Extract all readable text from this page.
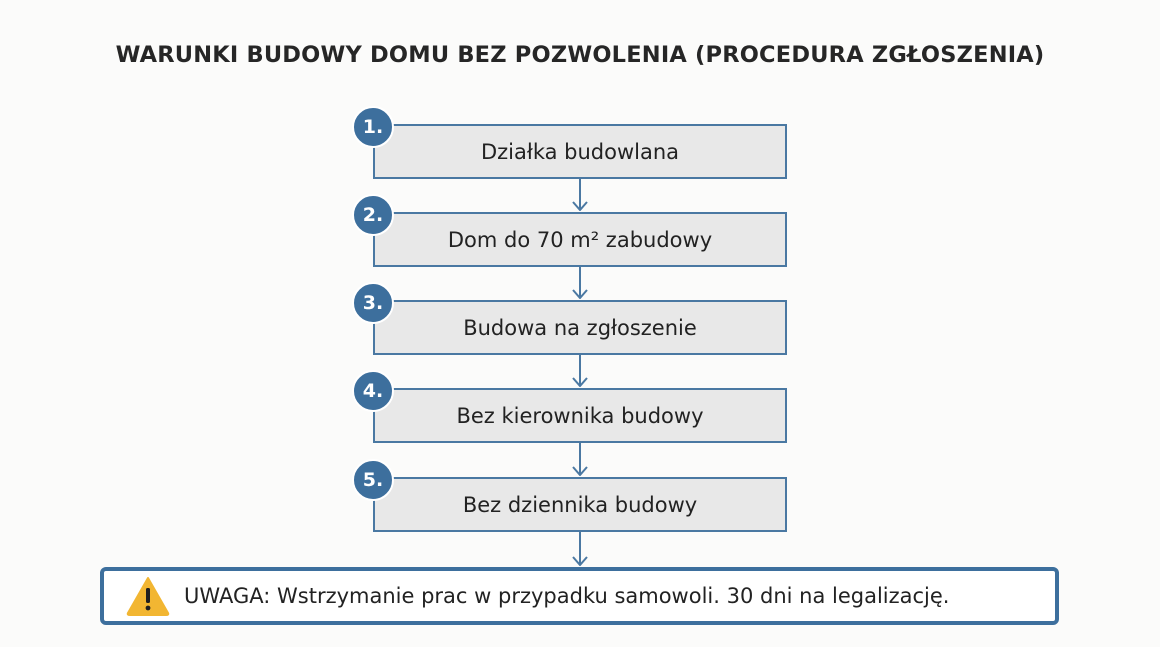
WARUNKI BUDOWY DOMU BEZ POZWOLENIA (PROCEDURA ZGŁOSZENIA)
Działka budowlana
1.
Dom do 70 m² zabudowy
2.
Budowa na zgłoszenie
3.
Bez kierownika budowy
4.
Bez dziennika budowy
5.
UWAGA: Wstrzymanie prac w przypadku samowoli. 30 dni na legalizację.
